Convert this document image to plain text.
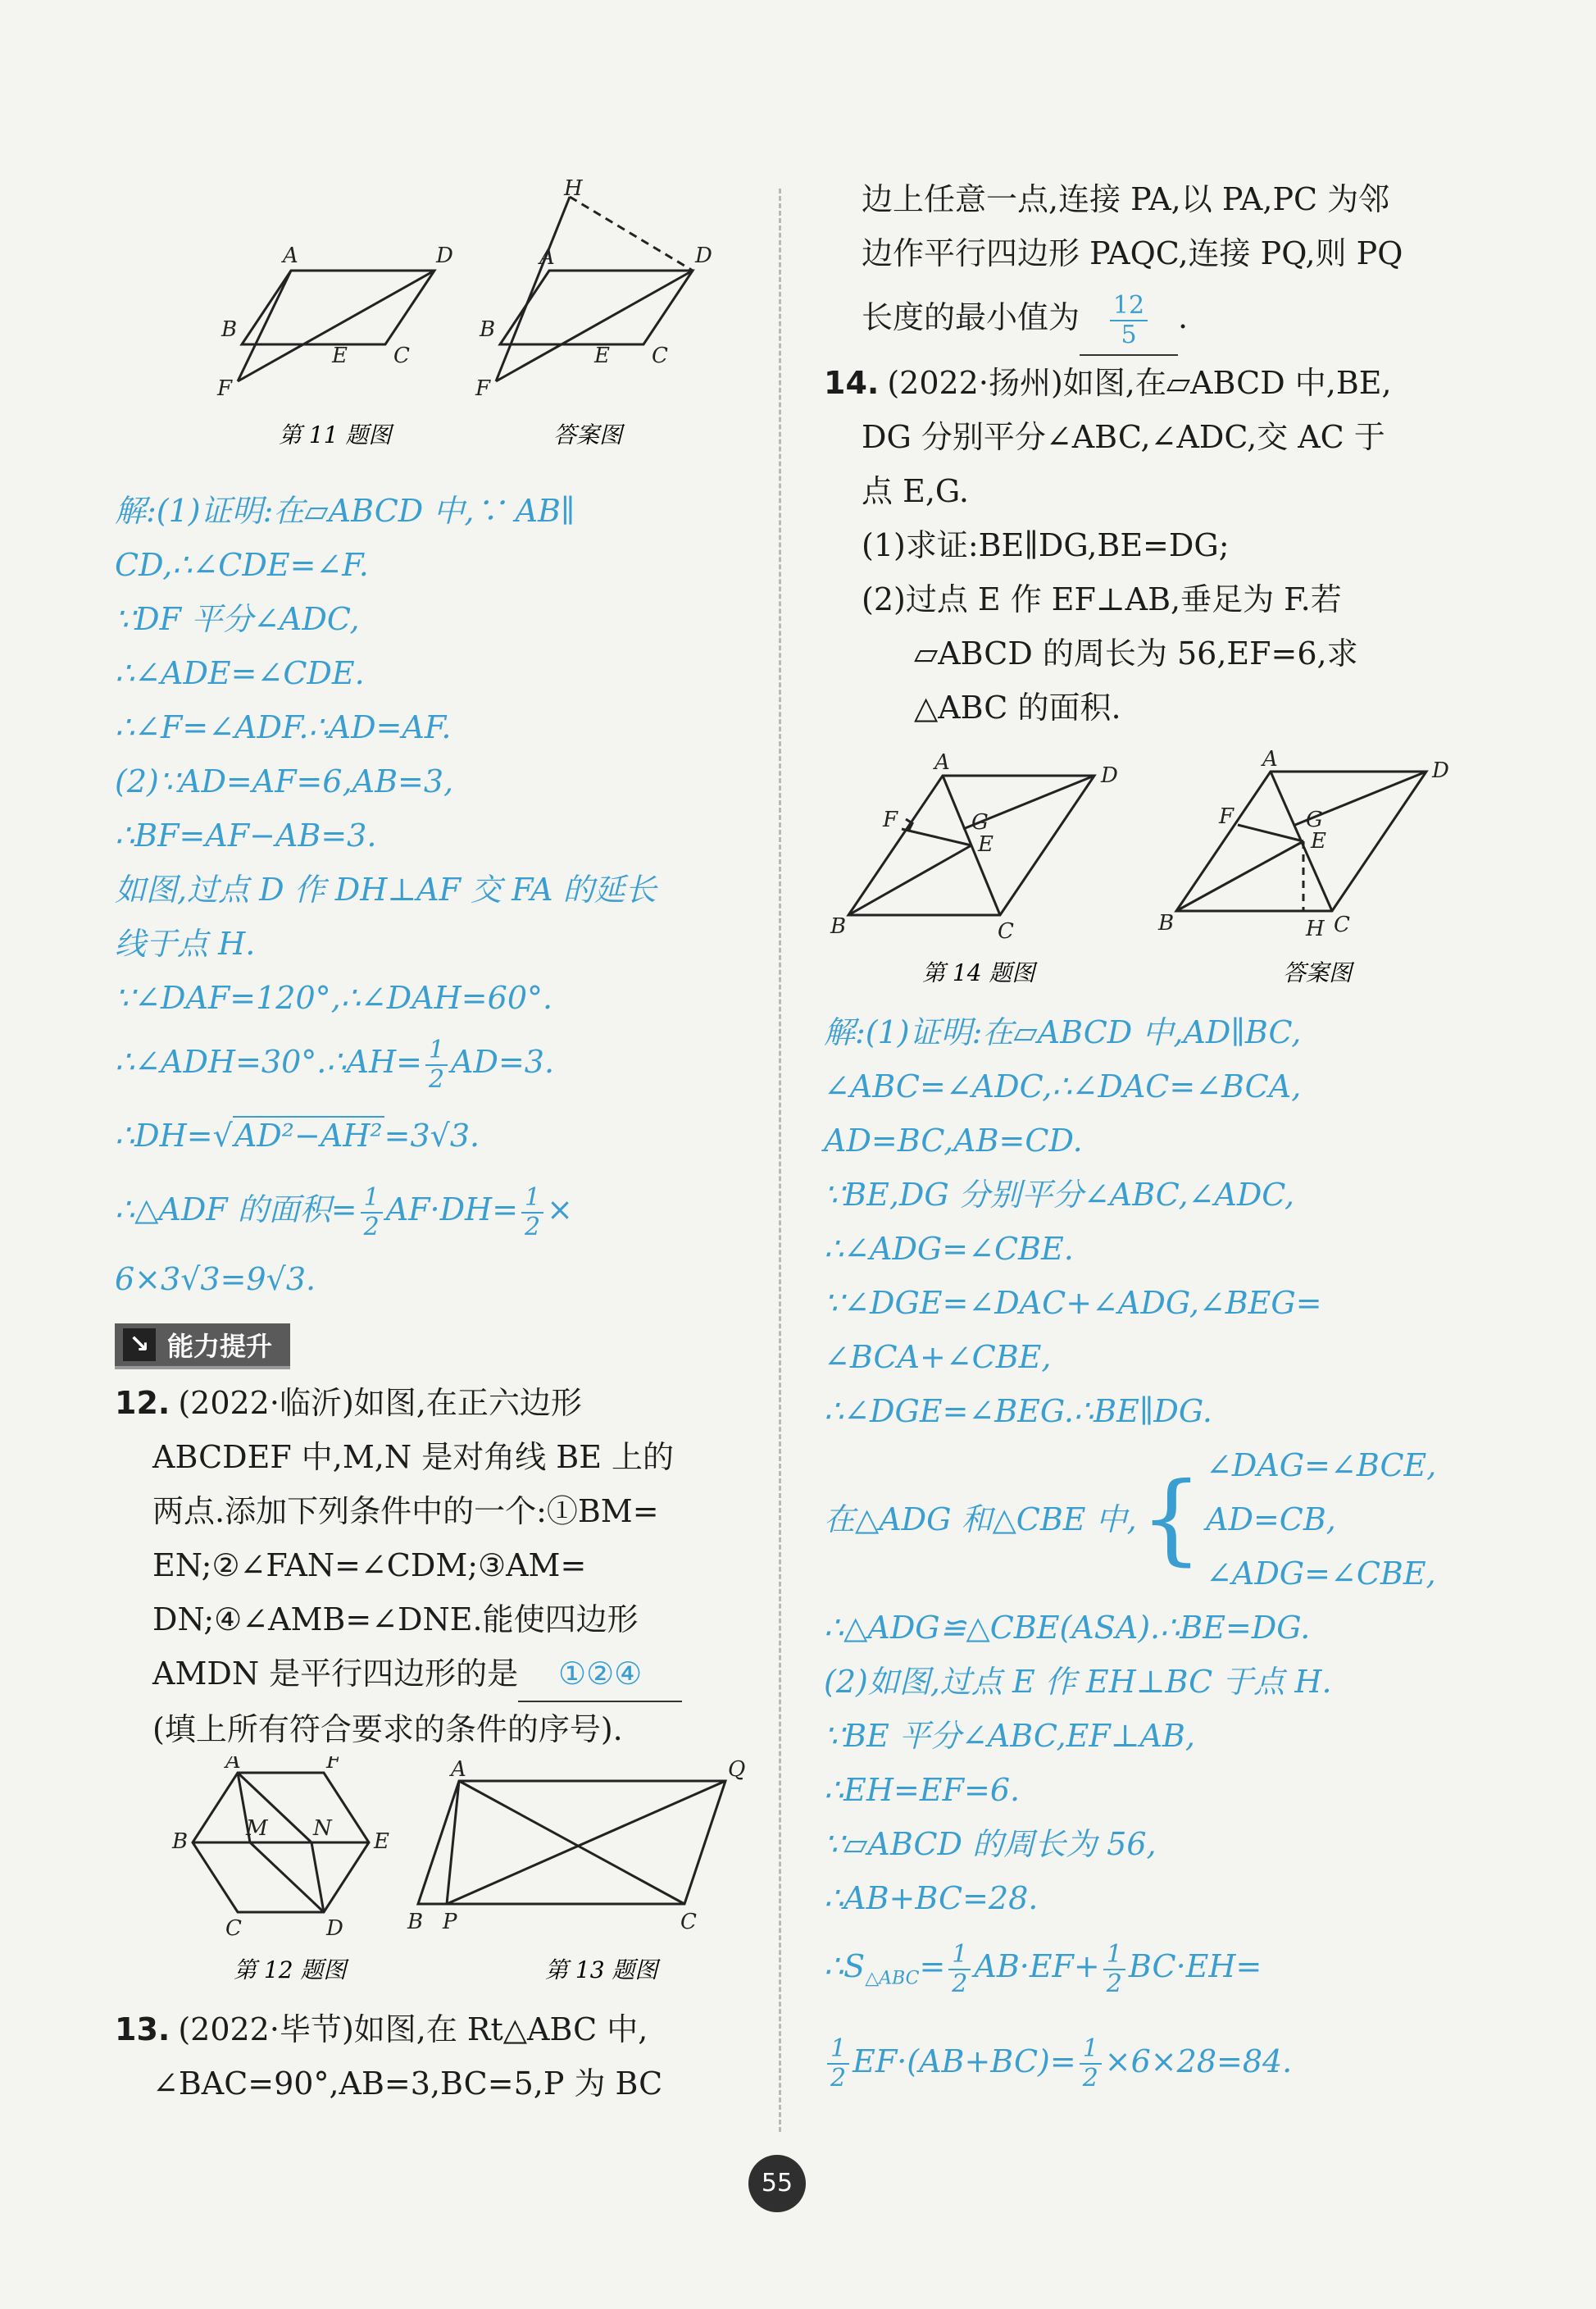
A	D
B
C
E
F
A	D
H
B
C
E
F
第 11 题图	答案图
解:(1)证明:在▱ABCD 中,∵ AB∥
CD,∴∠CDE=∠F.
∵DF 平分∠ADC,
∴∠ADE=∠CDE.
∴∠F=∠ADF.∴AD=AF.
(2)∵AD=AF=6,AB=3,
∴BF=AF−AB=3.
如图,过点 D 作 DH⊥AF 交 FA 的延长
线于点 H.
∵∠DAF=120°,∴∠DAH=60°.
∴∠ADH=30°.∴AH= $\frac{1}{2} AD=3$.
∴DH=√AD²−AH²=3√3.
∴△ADF 的面积= $\frac{1}{2} AF\cdot DH= \frac{1}{2}$ ×
6×3√3=9√3.
↘ 能力提升
12. (2022·临沂)如图,在正六边形
ABCDEF 中,M,N 是对角线 BE 上的
两点.添加下列条件中的一个:①BM=
EN;②∠FAN=∠CDM;③AM=
DN;④∠AMB=∠DNE.能使四边形
AMDN 是平行四边形的是 ①②④
(填上所有符合要求的条件的序号).
A	F
B	E
C	D
M N
A	Q
B P	C
第 12 题图	第 13 题图
13. (2022·毕节)如图,在 Rt△ABC 中,
∠BAC=90°,AB=3,BC=5,P 为 BC
边上任意一点,连接 PA,以 PA,PC 为邻
边作平行四边形 PAQC,连接 PQ,则 PQ
长度的最小值为 $\frac{12}{5}$ .
14. (2022·扬州)如图,在▱ABCD 中,BE,
DG 分别平分∠ABC,∠ADC,交 AC 于
点 E,G.
(1)求证:BE∥DG,BE=DG;
(2)过点 E 作 EF⊥AB,垂足为 F.若
▱ABCD 的周长为 56,EF=6,求
△ABC 的面积.
A
D
B	C
F	G
E
A	D
B	C
H
F	G
E
第 14 题图	答案图
解:(1)证明:在▱ABCD 中,AD∥BC,
∠ABC=∠ADC,∴∠DAC=∠BCA,
AD=BC,AB=CD.
∵BE,DG 分别平分∠ABC,∠ADC,
∴∠ADG=∠CBE.
∵∠DGE=∠DAC+∠ADG,∠BEG=
∠BCA+∠CBE,
∴∠DGE=∠BEG.∴BE∥DG.
在△ADG 和△CBE 中, { ∠DAG=∠BCE,
AD=CB,
∠ADG=∠CBE,
∴△ADG≌△CBE(ASA).∴BE=DG.
(2)如图,过点 E 作 EH⊥BC 于点 H.
∵BE 平分∠ABC,EF⊥AB,
∴EH=EF=6.
∵▱ABCD 的周长为 56,
∴AB+BC=28.
$\therefore S_{\triangle ABC}= \frac{1}{2} AB\cdot EF+ \frac{1}{2} BC\cdot EH=$
$\frac{1}{2} EF\cdot(AB+BC)= \frac{1}{2} \times 6\times 28=84$.
55
